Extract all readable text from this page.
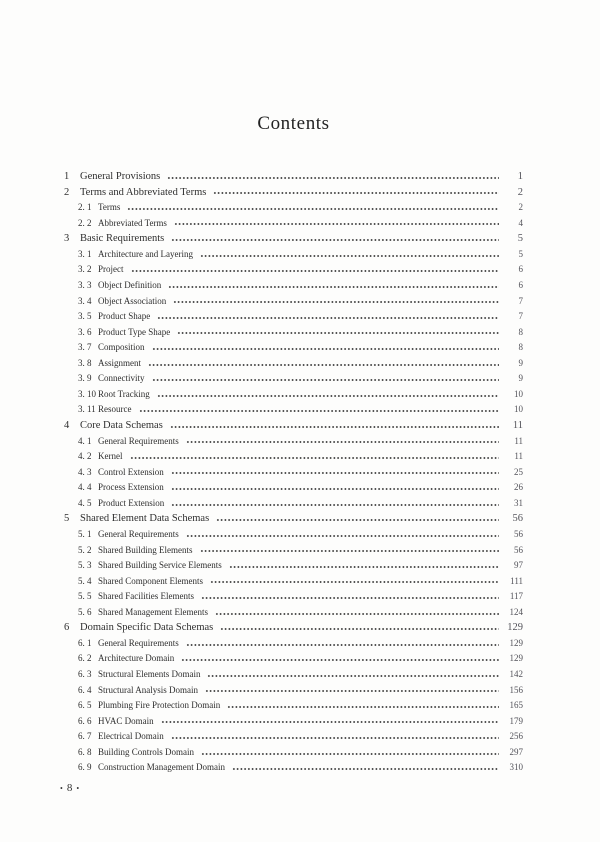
Contents
1	General Provisions	1
2	Terms and Abbreviated Terms	2
2. 1 Terms	2
2. 2 Abbreviated Terms	4
3	Basic Requirements	5
3. 1 Architecture and Layering	5
3. 2 Project	6
3. 3 Object Definition	6
3. 4 Object Association	7
3. 5 Product Shape	7
3. 6 Product Type Shape	8
3. 7 Composition	8
3. 8 Assignment	9
3. 9 Connectivity	9
3. 10 Root Tracking	10
3. 11 Resource	10
4	Core Data Schemas	11
4. 1 General Requirements	11
4. 2 Kernel	11
4. 3 Control Extension	25
4. 4 Process Extension	26
4. 5 Product Extension	31
5	Shared Element Data Schemas	56
5. 1 General Requirements	56
5. 2 Shared Building Elements	56
5. 3 Shared Building Service Elements	97
5. 4 Shared Component Elements	111
5. 5 Shared Facilities Elements	117
5. 6 Shared Management Elements	124
6	Domain Specific Data Schemas	129
6. 1 General Requirements	129
6. 2 Architecture Domain	129
6. 3 Structural Elements Domain	142
6. 4 Structural Analysis Domain	156
6. 5 Plumbing Fire Protection Domain	165
6. 6 HVAC Domain	179
6. 7 Electrical Domain	256
6. 8 Building Controls Domain	297
6. 9 Construction Management Domain	310
• 8 •
